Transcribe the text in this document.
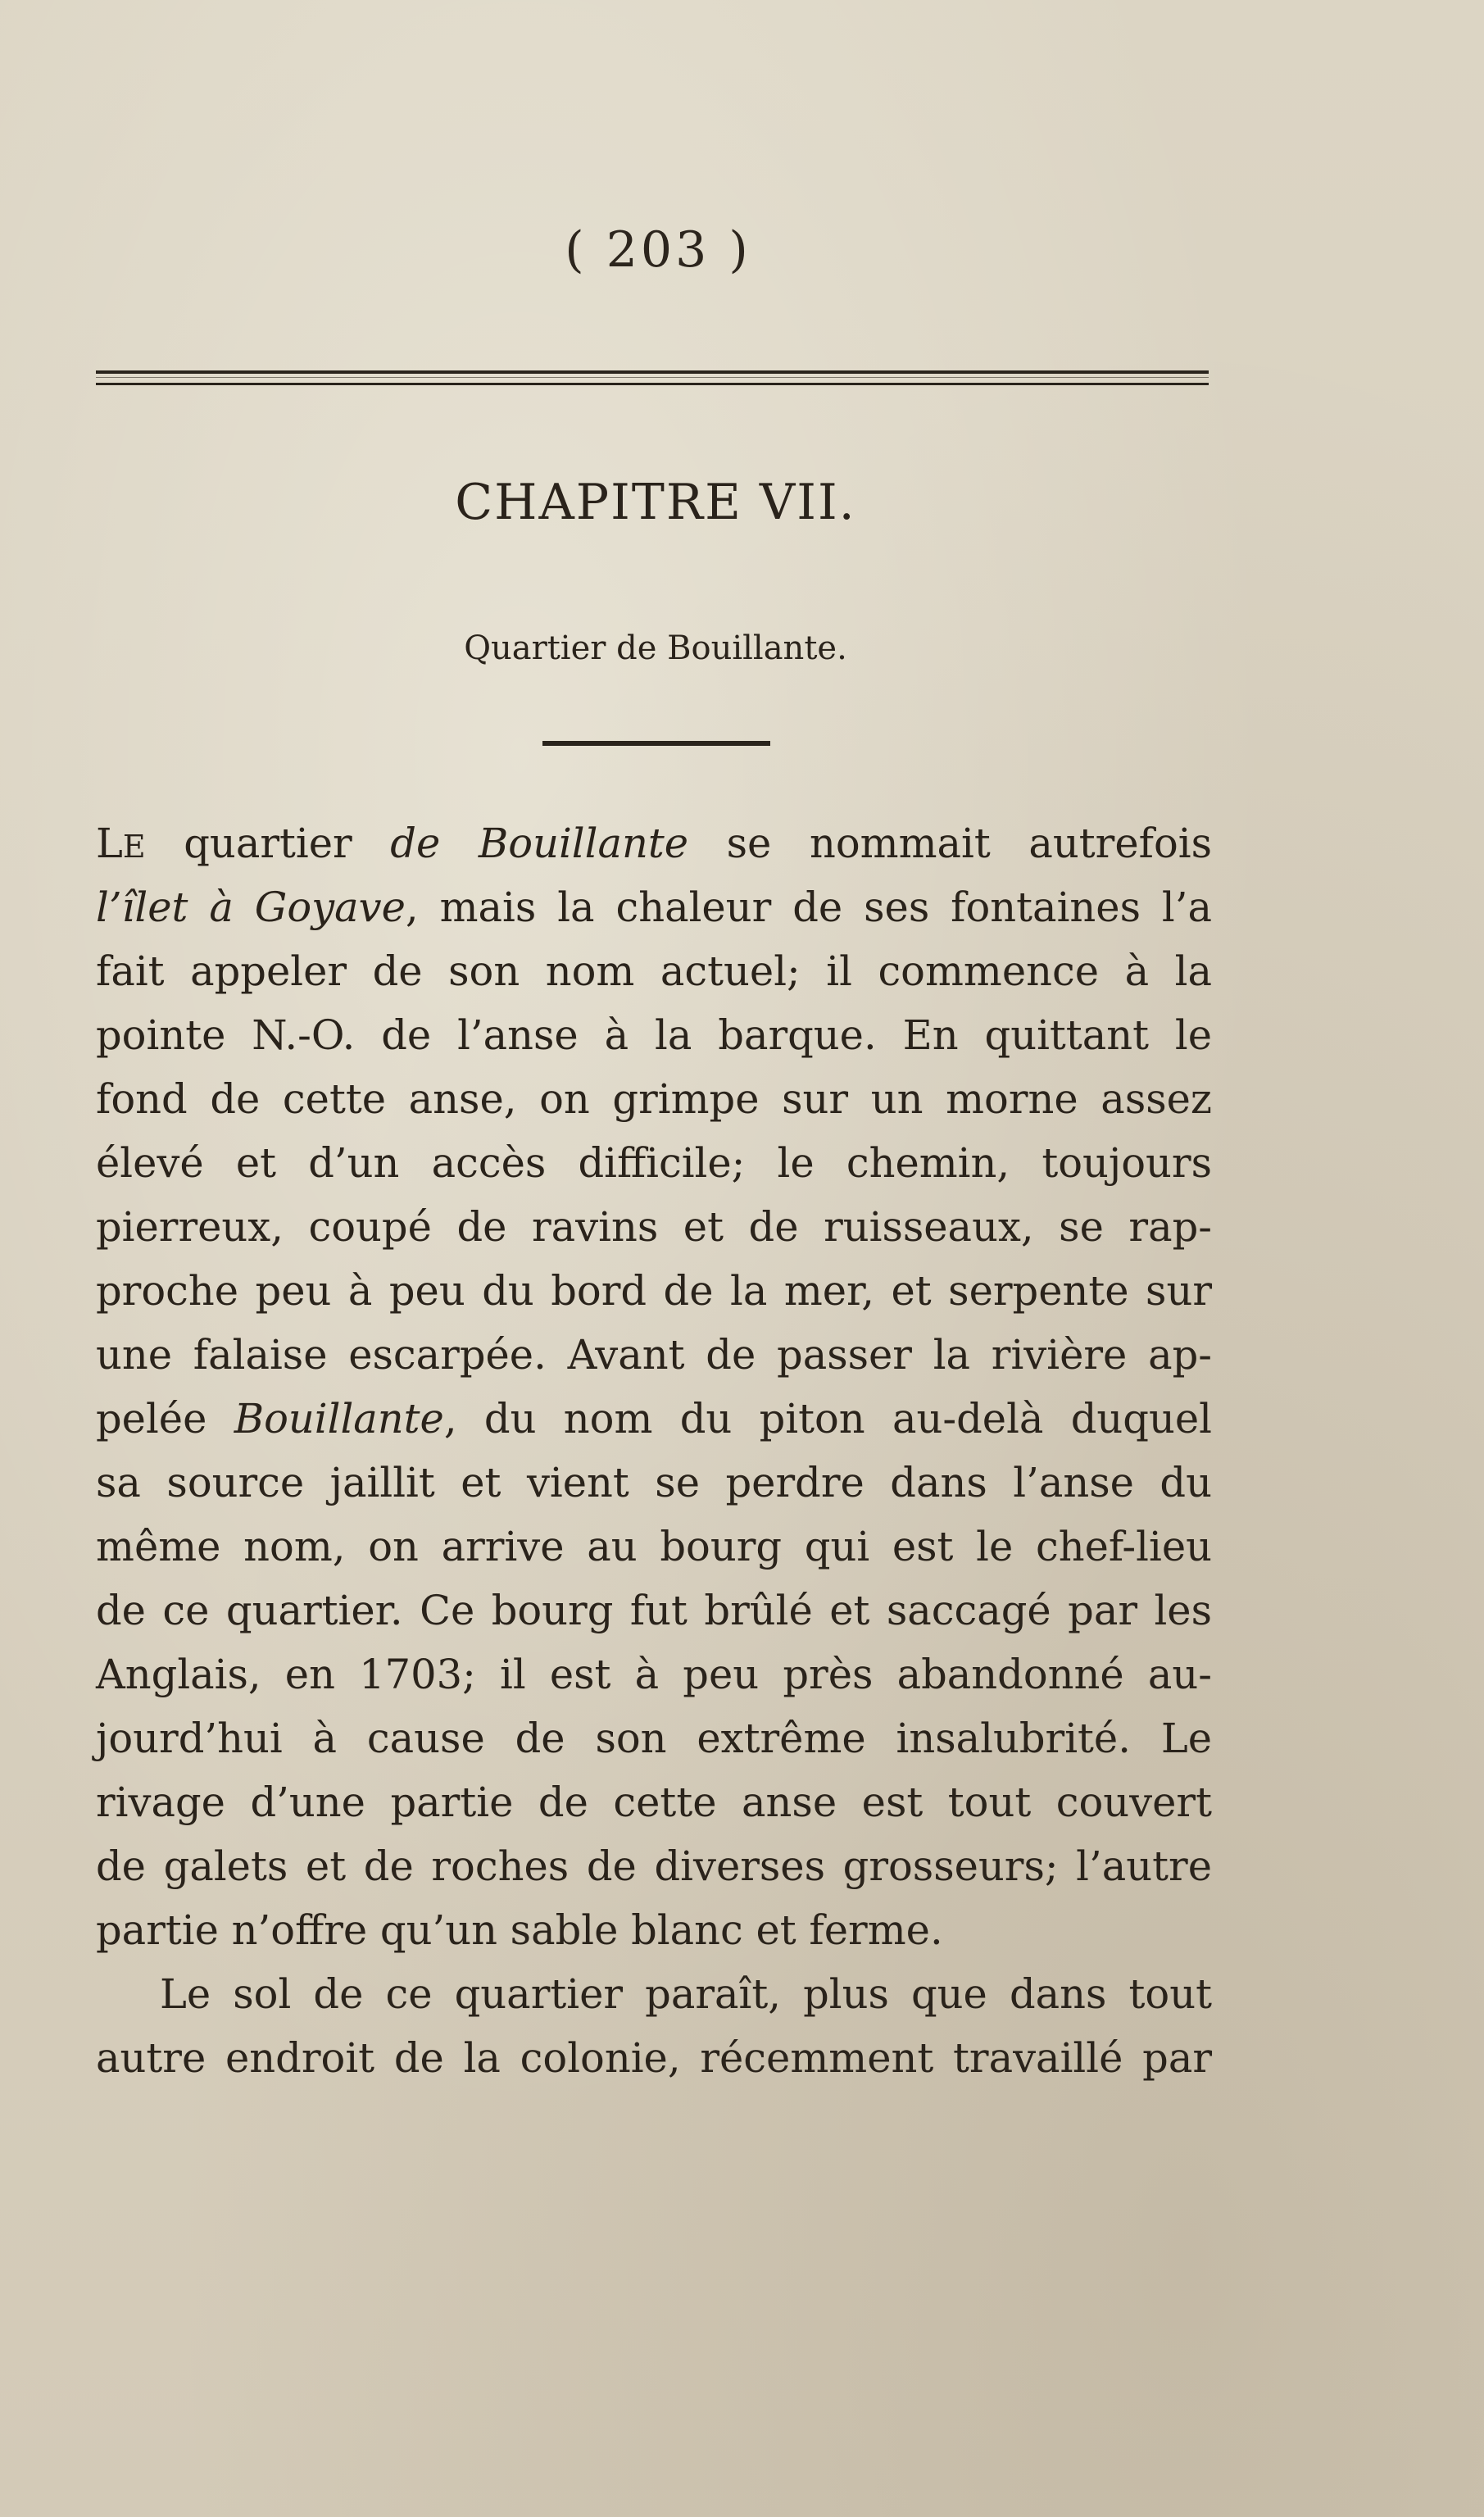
( 203 )
CHAPITRE VII.
Quartier de Bouillante.
LE quartier de Bouillante se nommait autrefois
l’îlet à Goyave, mais la chaleur de ses fontaines l’a
fait appeler de son nom actuel; il commence à la
pointe N.-O. de l’anse à la barque. En quittant le
fond de cette anse, on grimpe sur un morne assez
élevé et d’un accès difficile; le chemin, toujours
pierreux, coupé de ravins et de ruisseaux, se rap-
proche peu à peu du bord de la mer, et serpente sur
une falaise escarpée. Avant de passer la rivière ap-
pelée Bouillante, du nom du piton au-delà duquel
sa source jaillit et vient se perdre dans l’anse du
même nom, on arrive au bourg qui est le chef-lieu
de ce quartier. Ce bourg fut brûlé et saccagé par les
Anglais, en 1703; il est à peu près abandonné au-
jourd’hui à cause de son extrême insalubrité. Le
rivage d’une partie de cette anse est tout couvert
de galets et de roches de diverses grosseurs; l’autre
partie n’offre qu’un sable blanc et ferme.
Le sol de ce quartier paraît, plus que dans tout
autre endroit de la colonie, récemment travaillé par
